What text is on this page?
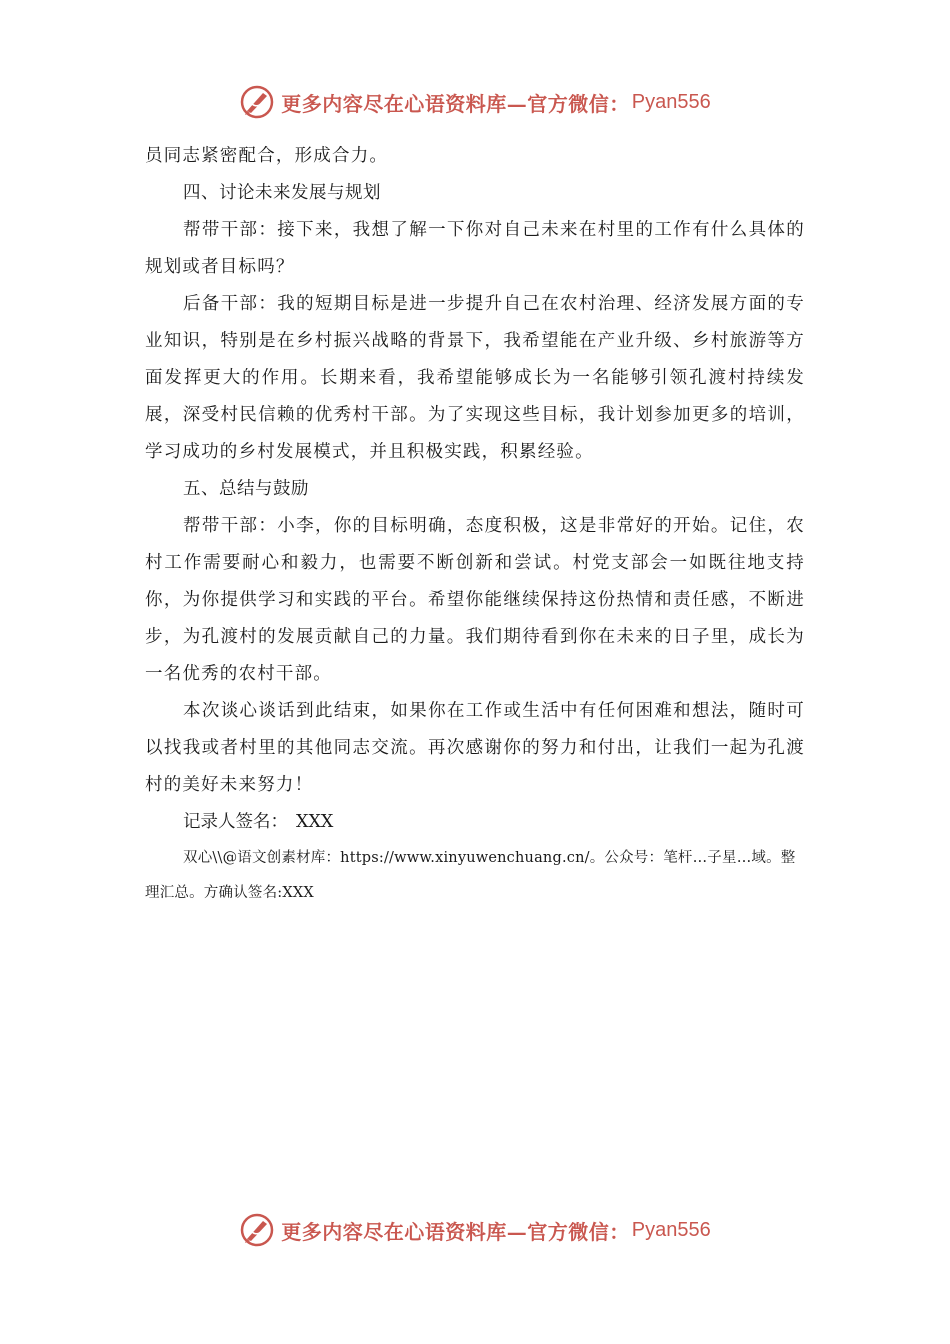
更多内容尽在心语资料库—官方微信： Pyan556

员同志紧密配合，形成合力。

四、讨论未来发展与规划

帮带干部：接下来，我想了解一下你对自己未来在村里的工作有什么具体的规划或者目标吗？

后备干部：我的短期目标是进一步提升自己在农村治理、经济发展方面的专业知识，特别是在乡村振兴战略的背景下，我希望能在产业升级、乡村旅游等方面发挥更大的作用。长期来看，我希望能够成长为一名能够引领孔渡村持续发展，深受村民信赖的优秀村干部。为了实现这些目标，我计划参加更多的培训，学习成功的乡村发展模式，并且积极实践，积累经验。

五、总结与鼓励

帮带干部：小李，你的目标明确，态度积极，这是非常好的开始。记住，农村工作需要耐心和毅力，也需要不断创新和尝试。村党支部会一如既往地支持你，为你提供学习和实践的平台。希望你能继续保持这份热情和责任感，不断进步，为孔渡村的发展贡献自己的力量。我们期待看到你在未来的日子里，成长为一名优秀的农村干部。

本次谈心谈话到此结束，如果你在工作或生活中有任何困难和想法，随时可以找我或者村里的其他同志交流。再次感谢你的努力和付出，让我们一起为孔渡村的美好未来努力！

记录人签名： XXX

双心\\@语文创素材库：https://www.xinyuwenchuang.cn/。公众号：笔杆…子星…域。整理汇总。方确认签名:XXX

更多内容尽在心语资料库—官方微信： Pyan556
